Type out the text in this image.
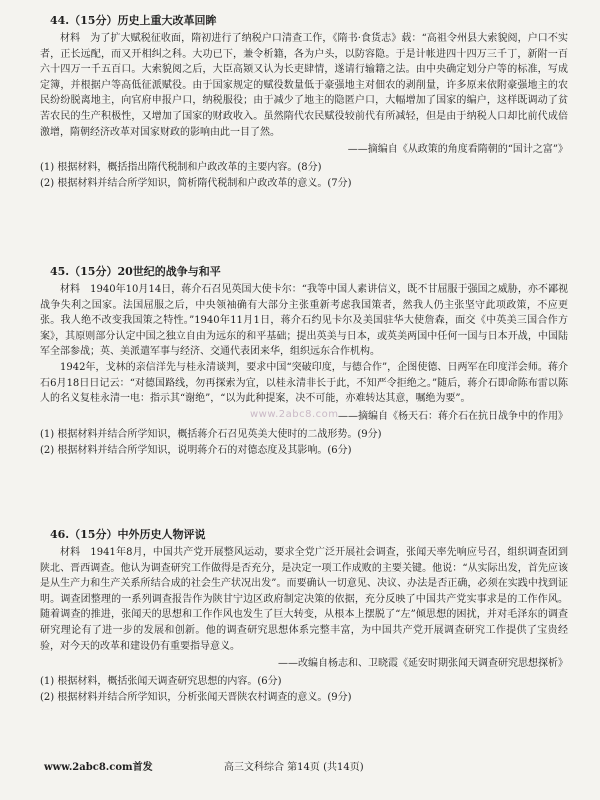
44.（15分）历史上重大改革回眸

材料　为了扩大赋税征收面，隋初进行了纳税户口清查工作，《隋书·食货志》载：“高祖令州县大索貌阅，户口不实者，正长远配，而又开相纠之科。大功已下，兼令析籍，各为户头，以防容隐。于是计帐进四十四万三千丁，新附一百六十四万一千五百口。大索貌阅之后，大臣高颎又认为长吏肆情，遂请行输籍之法。由中央确定划分户等的标准，写成定簿，并根据户等高低征派赋役。由于国家规定的赋役数量低于豪强地主对佃农的剥削量，许多原来依附豪强地主的农民纷纷脱离地主，向官府申报户口，纳税服役；由于减少了地主的隐匿户口，大幅增加了国家的编户，这样既调动了贫苦农民的生产积极性，又增加了国家的财政收入。虽然隋代农民赋役较前代有所减轻，但是由于纳税人口却比前代成倍激增，隋朝经济改革对国家财政的影响由此一目了然。

——摘编自《从政策的角度看隋朝的“国计之富”》
(1) 根据材料，概括指出隋代税制和户政改革的主要内容。(8分)
(2) 根据材料并结合所学知识，简析隋代税制和户政改革的意义。(7分)
45.（15分）20世纪的战争与和平

材料　1940年10月14日，蒋介石召见英国大使卡尔：“我等中国人素讲信义，既不甘屈服于强国之威胁，亦不鄙视战争失利之国家。法国屈服之后，中央领袖确有大部分主张重新考虑我国策者，然我人仍主张坚守此项政策，不应更张。我人绝不改变我国策之特性。”1940年11月1日，蒋介石约见卡尔及美国驻华大使詹森，面交《中英美三国合作方案》，其原则部分认定中国之独立自由为远东的和平基础；提出英美与日本，或英美两国中任何一国与日本开战，中国陆军全部参战；英、美派遣军事与经济、交通代表团来华，组织远东合作机构。

1942年，戈林的亲信洋先与桂永清谈判，要求中国“突破印度，与德合作”，企图使德、日两军在印度洋会师。蒋介石6月18日日记云：“对德国路线，勿再探索为宜，以桂永清非长于此，不知严令拒绝之。”随后，蒋介石即命陈布雷以陈人的名义复桂永清一电：指示其“谢绝”，“以为此种提案，决不可能，亦难转达其意，嘱绝为要”。

——摘编自《杨天石：蒋介石在抗日战争中的作用》
(1) 根据材料并结合所学知识，概括蒋介石召见英美大使时的二战形势。(9分)
(2) 根据材料并结合所学知识，说明蒋介石的对德态度及其影响。(6分)
46.（15分）中外历史人物评说

材料　1941年8月，中国共产党开展整风运动，要求全党广泛开展社会调查，张闻天率先响应号召，组织调查团到陕北、晋西调查。他认为调查研究工作做得是否充分，是决定一项工作成败的主要关键。他说：“从实际出发，首先应该是从生产力和生产关系所结合成的社会生产状况出发”。而要确认一切意见、决议、办法是否正确，必须在实践中找到证明。调查团整理的一系列调查报告作为陕甘宁边区政府制定决策的依据，充分反映了中国共产党实事求是的工作作风。随着调查的推进，张闻天的思想和工作作风也发生了巨大转变，从根本上摆脱了“左”倾思想的困扰，并对毛泽东的调查研究理论有了进一步的发展和创新。他的调查研究思想体系完整丰富，为中国共产党开展调查研究工作提供了宝贵经验，对今天的改革和建设仍有重要指导意义。

——改编自杨志和、卫晓霞《延安时期张闻天调查研究思想探析》
(1) 根据材料，概括张闻天调查研究思想的内容。(6分)
(2) 根据材料并结合所学知识，分析张闻天晋陕农村调查的意义。(9分)
www.2abc8.com
www.2abc8.com首发	高三文科综合 第14页 (共14页)
